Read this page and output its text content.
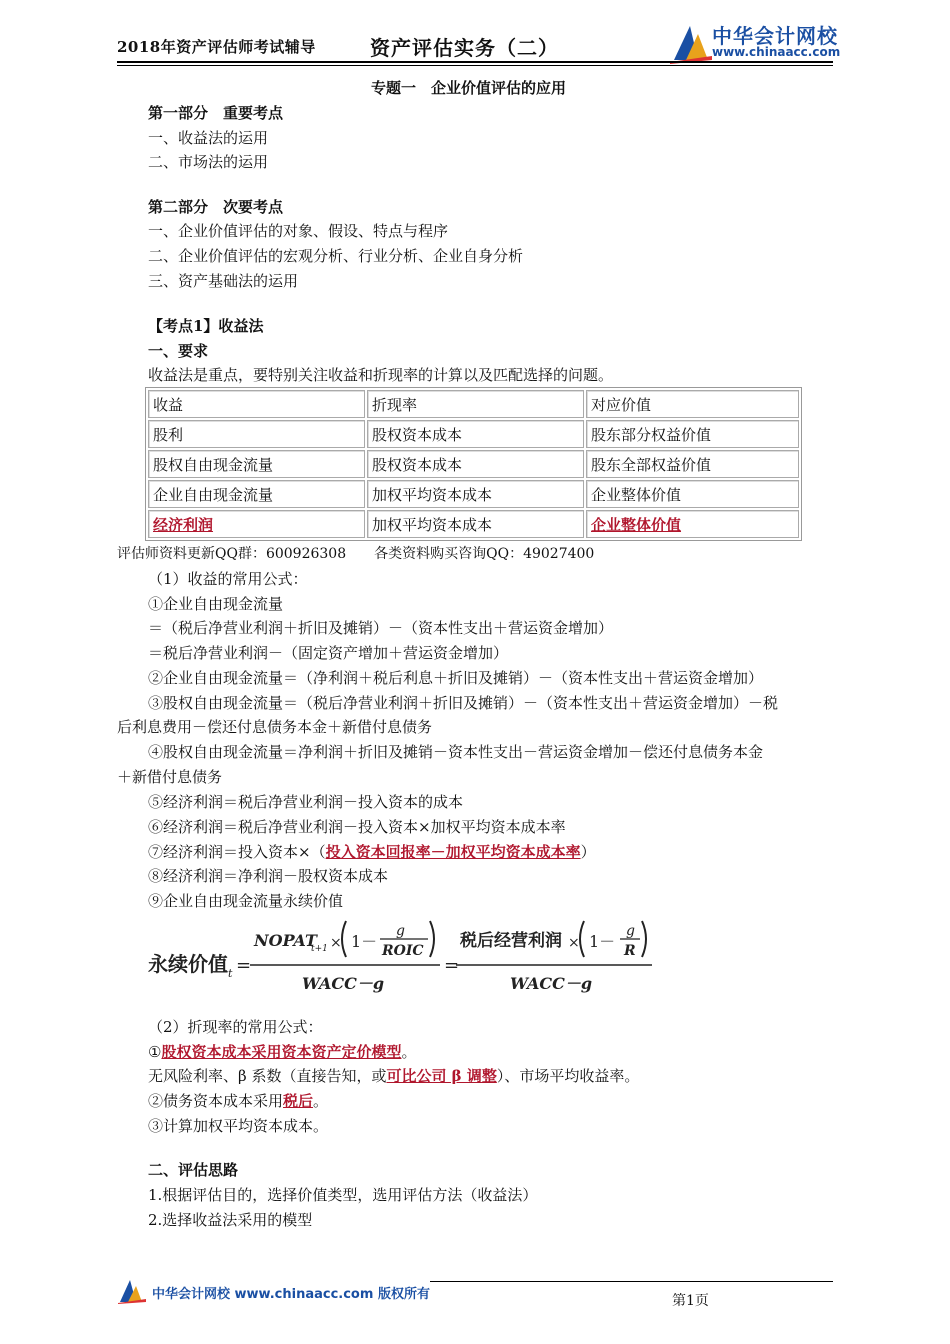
2018年资产评估师考试辅导	资产评估实务（二）	中华会计网校
www.chinaacc.com
专题一　企业价值评估的应用
第一部分　重要考点
一、收益法的运用
二、市场法的运用
第二部分　次要考点
一、企业价值评估的对象、假设、特点与程序
二、企业价值评估的宏观分析、行业分析、企业自身分析
三、资产基础法的运用
【考点1】收益法
一、要求
收益法是重点，要特别关注收益和折现率的计算以及匹配选择的问题。
收益	折现率	对应价值
股利	股权资本成本	股东部分权益价值
股权自由现金流量	股权资本成本	股东全部权益价值
企业自由现金流量	加权平均资本成本	企业整体价值
经济利润	加权平均资本成本	企业整体价值
评估师资料更新QQ群：600926308　　各类资料购买咨询QQ：49027400
（1）收益的常用公式：
①企业自由现金流量
＝（税后净营业利润＋折旧及摊销）－（资本性支出＋营运资金增加）
＝税后净营业利润－（固定资产增加＋营运资金增加）
②企业自由现金流量＝（净利润＋税后利息＋折旧及摊销）－（资本性支出＋营运资金增加）
③股权自由现金流量＝（税后净营业利润＋折旧及摊销）－（资本性支出＋营运资金增加）－税
后利息费用－偿还付息债务本金＋新借付息债务
④股权自由现金流量＝净利润＋折旧及摊销－资本性支出－营运资金增加－偿还付息债务本金
＋新借付息债务
⑤经济利润＝税后净营业利润－投入资本的成本
⑥经济利润＝税后净营业利润－投入资本×加权平均资本成本率
⑦经济利润＝投入资本×（投入资本回报率－加权平均资本成本率）
⑧经济利润＝净利润－股权资本成本
⑨企业自由现金流量永续价值
永续价值 t =
NOPAT
t+1 × 1－
g
ROIC
WACC－g
=
税后经营利润 × 1－
g
R
WACC－g
（2）折现率的常用公式：
①股权资本成本采用资本资产定价模型。
无风险利率、β 系数（直接告知，或可比公司 β 调整）、市场平均收益率。
②债务资本成本采用税后。
③计算加权平均资本成本。
二、评估思路
1.根据评估目的，选择价值类型，选用评估方法（收益法）
2.选择收益法采用的模型
中华会计网校 www.chinaacc.com 版权所有	第1页
